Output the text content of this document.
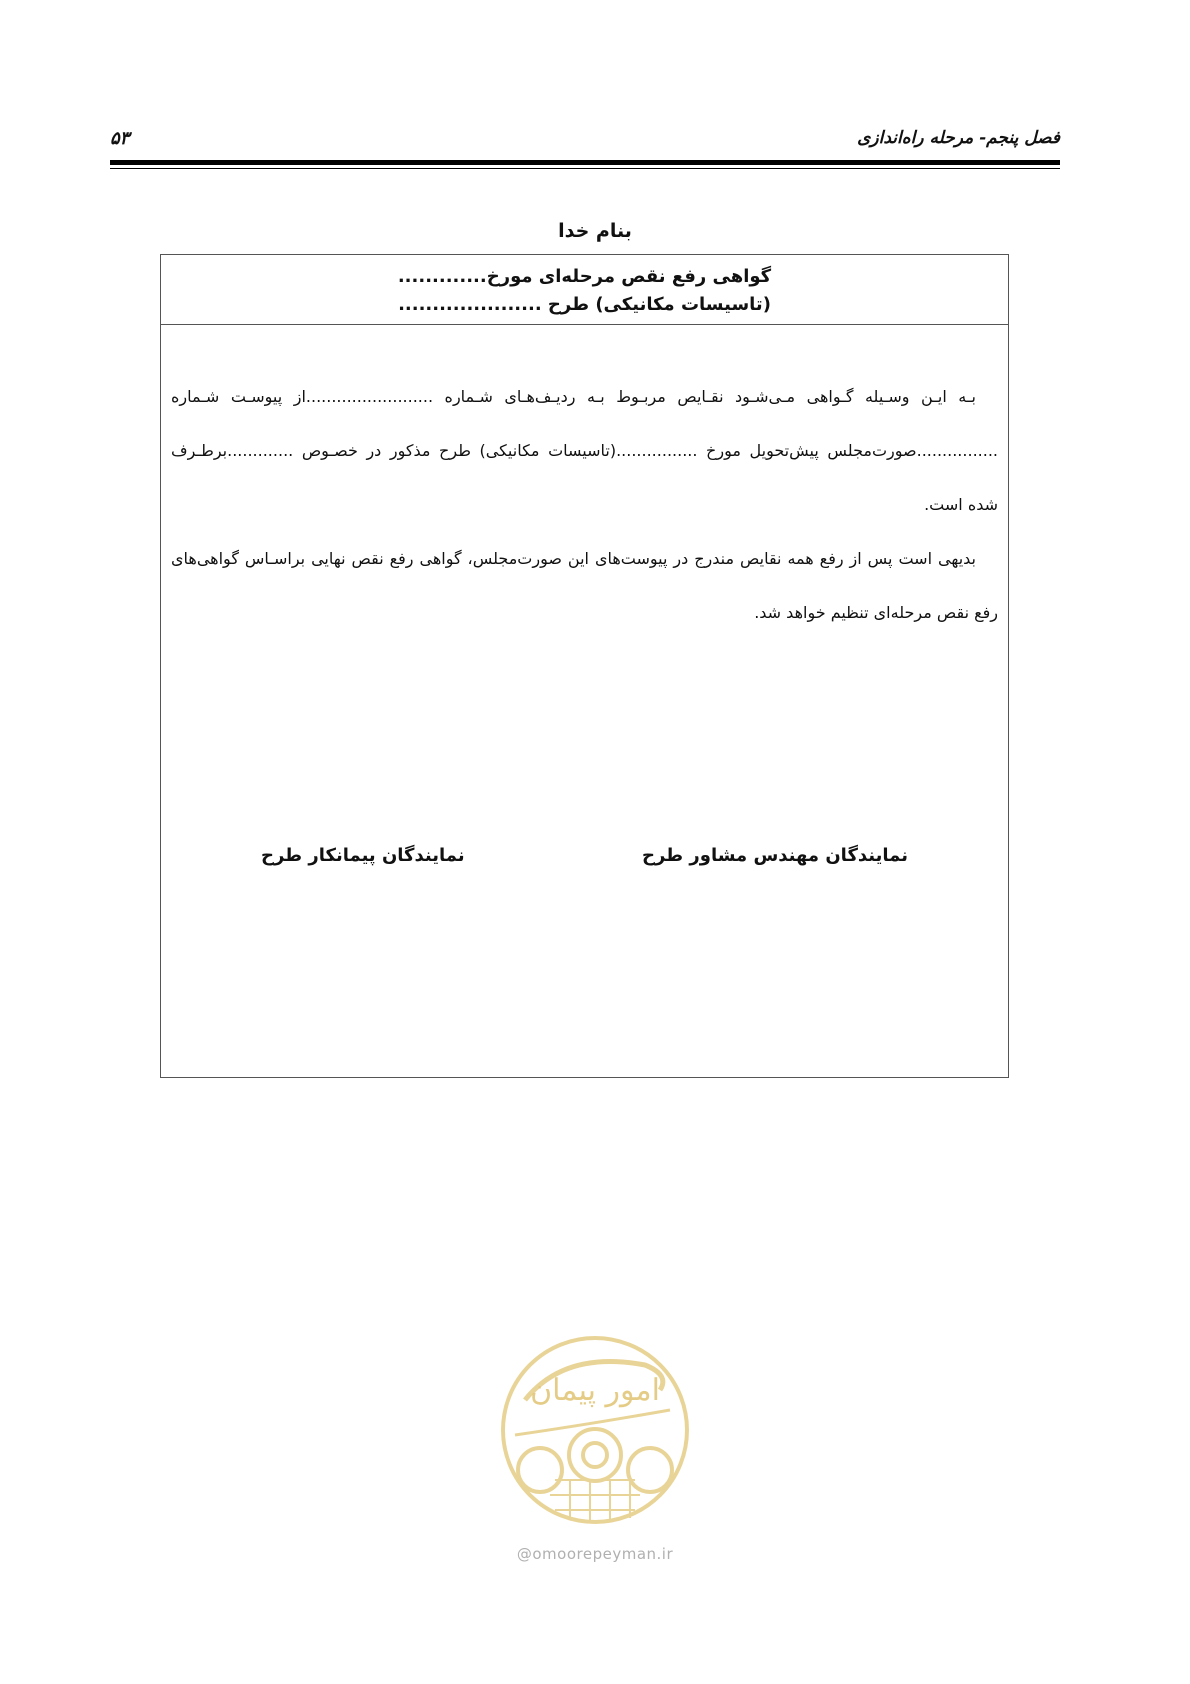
فصل پنجم- مرحله راه‌اندازی
۵۳
بنام خدا
گواهی رفع نقص مرحله‌ای مورخ.............
(تاسیسات مکانیکی) طرح .....................

بـه ایـن وسـیله گـواهی مـی‌شـود نقـایص مربـوط بـه ردیـف‌هـای شـماره .........................از پیوسـت شـماره ................صورت‌مجلس پیش‌تحویل مورخ ................(تاسیسات مکانیکی) طرح مذکور در خصـوص .............برطـرف شده است.

بدیهی است پس از رفع همه نقایص مندرج در پیوست‌های این صورت‌مجلس، گواهی رفع نقص نهایی براسـاس گواهی‌های رفع نقص مرحله‌ای تنظیم خواهد شد.

نمایندگان مهندس مشاور طرح
نمایندگان پیمانکار طرح
امور پیمان
@omoorepeyman.ir
